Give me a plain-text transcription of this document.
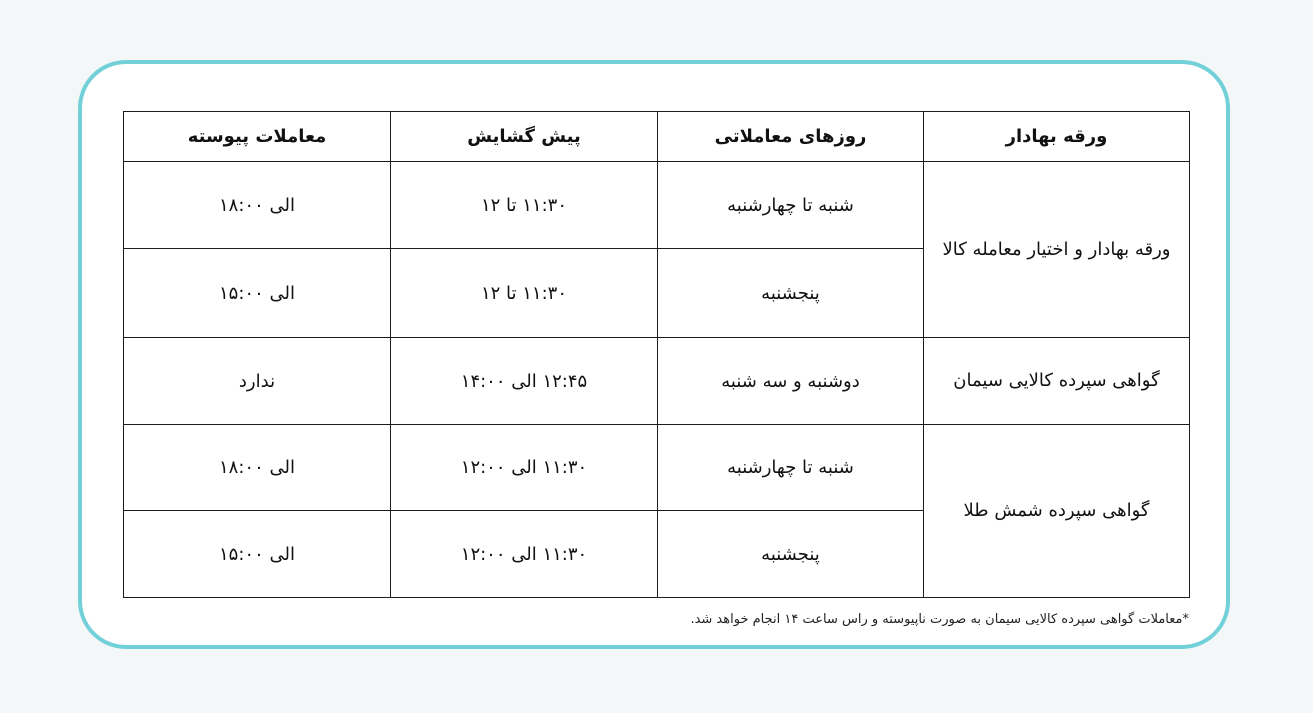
ورقه بهادار	روزهای معاملاتی	پیش گشایش	معاملات پیوسته
ورقه بهادار و اختیار معامله کالا	شنبه تا چهارشنبه	۱۱:۳۰ تا ۱۲	الی ۱۸:۰۰
	پنجشنبه	۱۱:۳۰ تا ۱۲	الی ۱۵:۰۰
گواهی سپرده کالایی سیمان	دوشنبه و سه شنبه	۱۲:۴۵ الی ۱۴:۰۰	ندارد
گواهی سپرده شمش طلا	شنبه تا چهارشنبه	۱۱:۳۰ الی ۱۲:۰۰	الی ۱۸:۰۰
	پنجشنبه	۱۱:۳۰ الی ۱۲:۰۰	الی ۱۵:۰۰
*معاملات گواهی سپرده کالایی سیمان به صورت ناپیوسته و راس ساعت ۱۴ انجام خواهد شد.
